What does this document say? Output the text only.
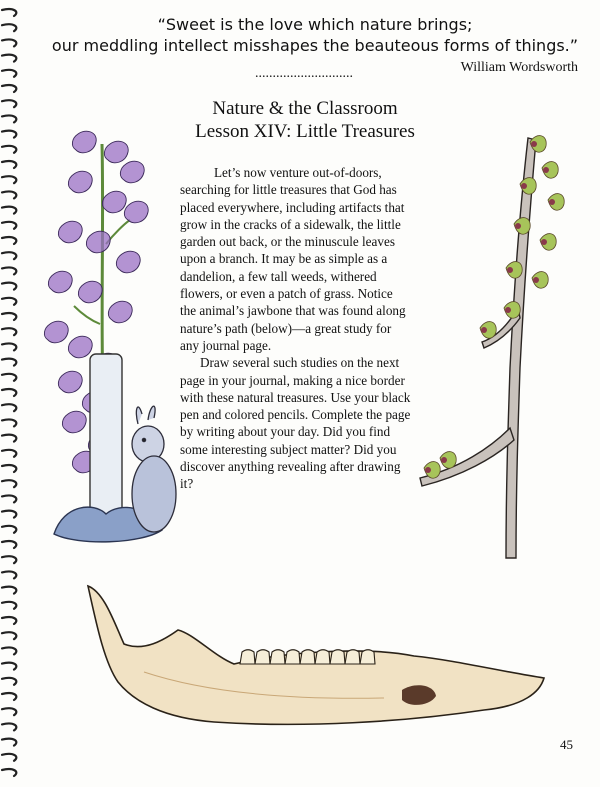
“Sweet is the love which nature brings;
our meddling intellect misshapes the beauteous forms of things.”
William Wordsworth
............................
Nature & the Classroom
Lesson XIV: Little Treasures

Let’s now venture out-of-doors, searching for little treasures that God has placed everywhere, including artifacts that grow in the cracks of a sidewalk, the little garden out back, or the minuscule leaves upon a branch. It may be as simple as a dandelion, a few tall weeds, withered flowers, or even a patch of grass. Notice the animal’s jawbone that was found along nature’s path (below)—a great study for any journal page.

Draw several such studies on the next page in your journal, making a nice border with these natural treasures. Use your black pen and colored pencils. Complete the page by writing about your day. Did you find some interesting subject matter? Did you discover anything revealing after drawing it?

45
